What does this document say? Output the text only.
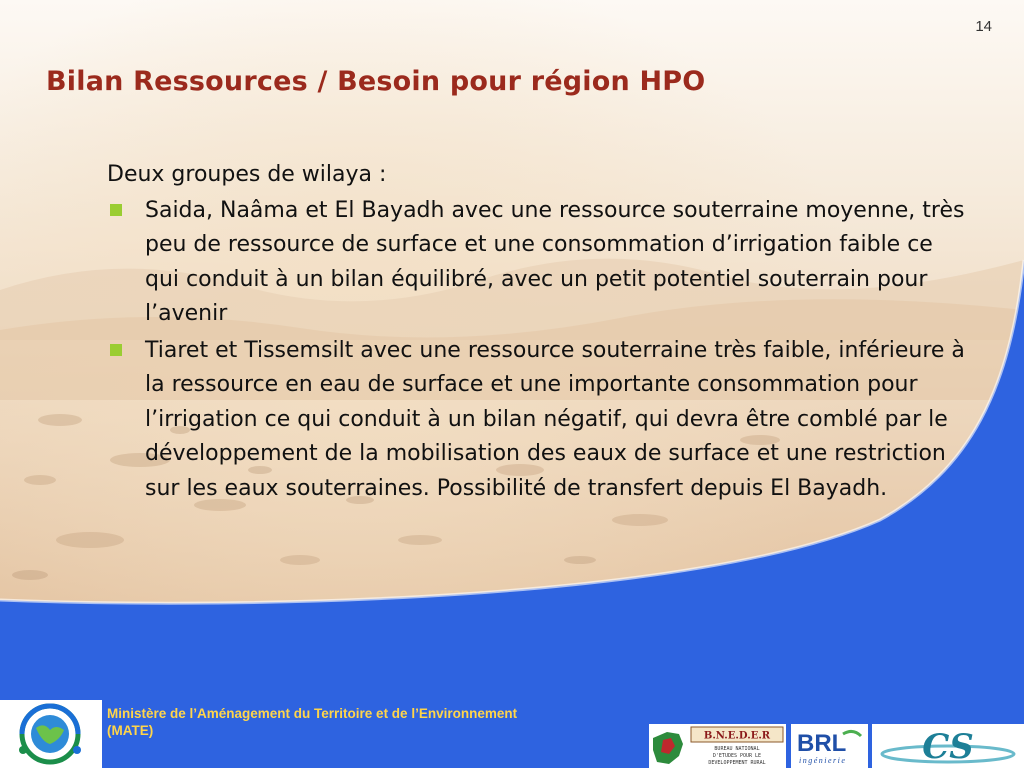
14
Bilan Ressources / Besoin pour région HPO

Deux groupes de wilaya :

Saida, Naâma et El Bayadh avec une ressource souterraine moyenne, très peu de ressource de surface et une consommation d’irrigation faible ce qui conduit à un bilan équilibré, avec un petit potentiel souterrain pour l’avenir
Tiaret et Tissemsilt avec une ressource souterraine très faible, inférieure à la ressource en eau de surface et une importante consommation pour l’irrigation ce qui conduit à un bilan négatif, qui devra être comblé par le développement de la mobilisation des eaux de surface et une restriction sur les eaux souterraines. Possibilité de transfert depuis El Bayadh.
Ministère de l’Aménagement du Territoire et de l’Environnement
(MATE)	B.N.E.D.E.R
BUREAU NATIONAL
D'ETUDES POUR LE
DEVELOPPEMENT RURAL
BRL
ingénierie CS
